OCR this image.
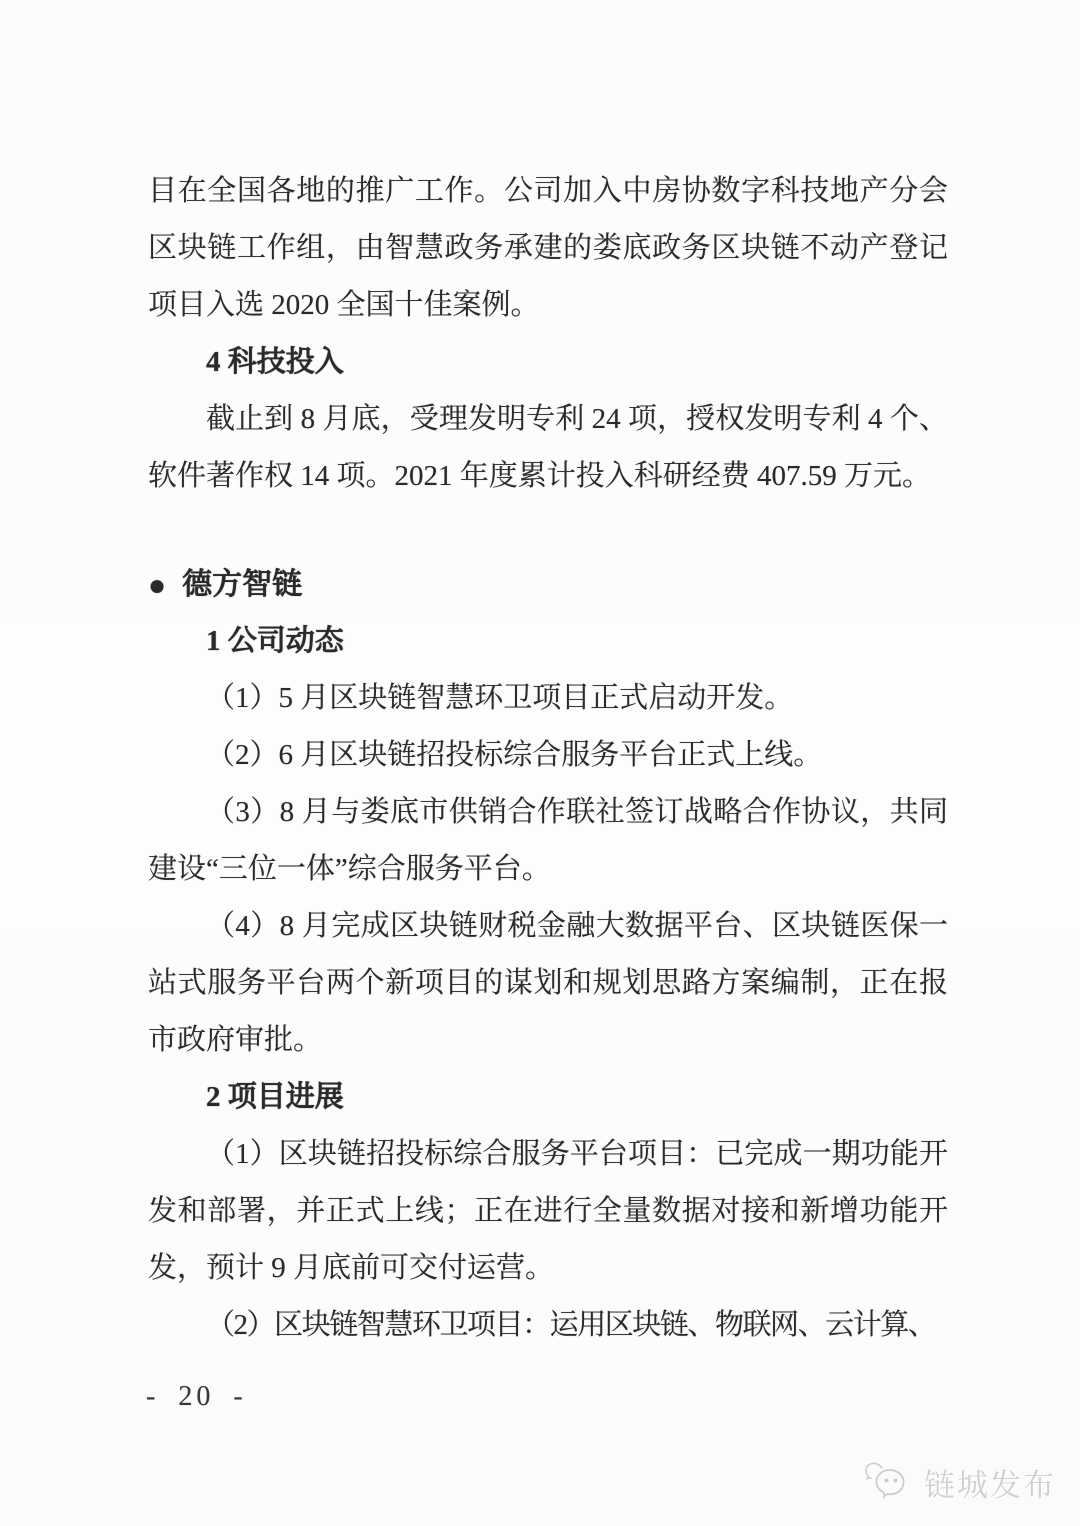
目在全国各地的推广工作。公司加入中房协数字科技地产分会区块链工作组，由智慧政务承建的娄底政务区块链不动产登记项目入选 2020 全国十佳案例。

4 科技投入

截止到 8 月底，受理发明专利 24 项，授权发明专利 4 个、软件著作权 14 项。2021 年度累计投入科研经费 407.59 万元。

● 德方智链

1 公司动态

（1）5 月区块链智慧环卫项目正式启动开发。

（2）6 月区块链招投标综合服务平台正式上线。

（3）8 月与娄底市供销合作联社签订战略合作协议，共同建设“三位一体”综合服务平台。

（4）8 月完成区块链财税金融大数据平台、区块链医保一站式服务平台两个新项目的谋划和规划思路方案编制，正在报市政府审批。

2 项目进展

（1）区块链招投标综合服务平台项目：已完成一期功能开发和部署，并正式上线；正在进行全量数据对接和新增功能开发，预计 9 月底前可交付运营。

（2）区块链智慧环卫项目：运用区块链、物联网、云计算、

- 20 -
链城发布
